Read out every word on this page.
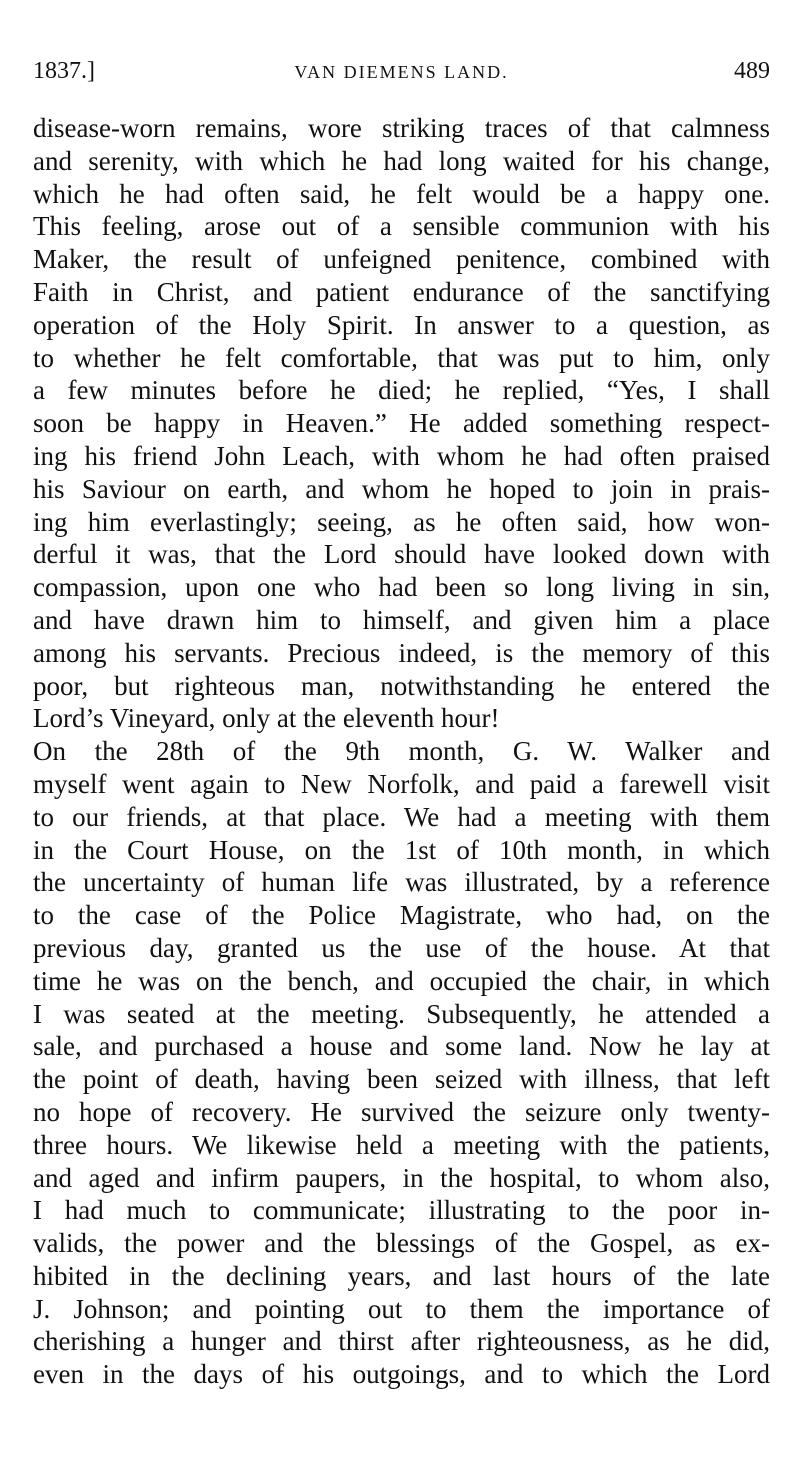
1837.]	VAN DIEMENS LAND.	489
disease-worn remains, wore striking traces of that calmness
and serenity, with which he had long waited for his change,
which he had often said, he felt would be a happy one.
This feeling, arose out of a sensible communion with his
Maker, the result of unfeigned penitence, combined with
Faith in Christ, and patient endurance of the sanctifying
operation of the Holy Spirit. In answer to a question, as
to whether he felt comfortable, that was put to him, only
a few minutes before he died; he replied, “Yes, I shall
soon be happy in Heaven.” He added something respect-
ing his friend John Leach, with whom he had often praised
his Saviour on earth, and whom he hoped to join in prais-
ing him everlastingly; seeing, as he often said, how won-
derful it was, that the Lord should have looked down with
compassion, upon one who had been so long living in sin,
and have drawn him to himself, and given him a place
among his servants. Precious indeed, is the memory of this
poor, but righteous man, notwithstanding he entered the
Lord’s Vineyard, only at the eleventh hour!
On the 28th of the 9th month, G. W. Walker and
myself went again to New Norfolk, and paid a farewell visit
to our friends, at that place. We had a meeting with them
in the Court House, on the 1st of 10th month, in which
the uncertainty of human life was illustrated, by a reference
to the case of the Police Magistrate, who had, on the
previous day, granted us the use of the house. At that
time he was on the bench, and occupied the chair, in which
I was seated at the meeting. Subsequently, he attended a
sale, and purchased a house and some land. Now he lay at
the point of death, having been seized with illness, that left
no hope of recovery. He survived the seizure only twenty-
three hours. We likewise held a meeting with the patients,
and aged and infirm paupers, in the hospital, to whom also,
I had much to communicate; illustrating to the poor in-
valids, the power and the blessings of the Gospel, as ex-
hibited in the declining years, and last hours of the late
J. Johnson; and pointing out to them the importance of
cherishing a hunger and thirst after righteousness, as he did,
even in the days of his outgoings, and to which the Lord
